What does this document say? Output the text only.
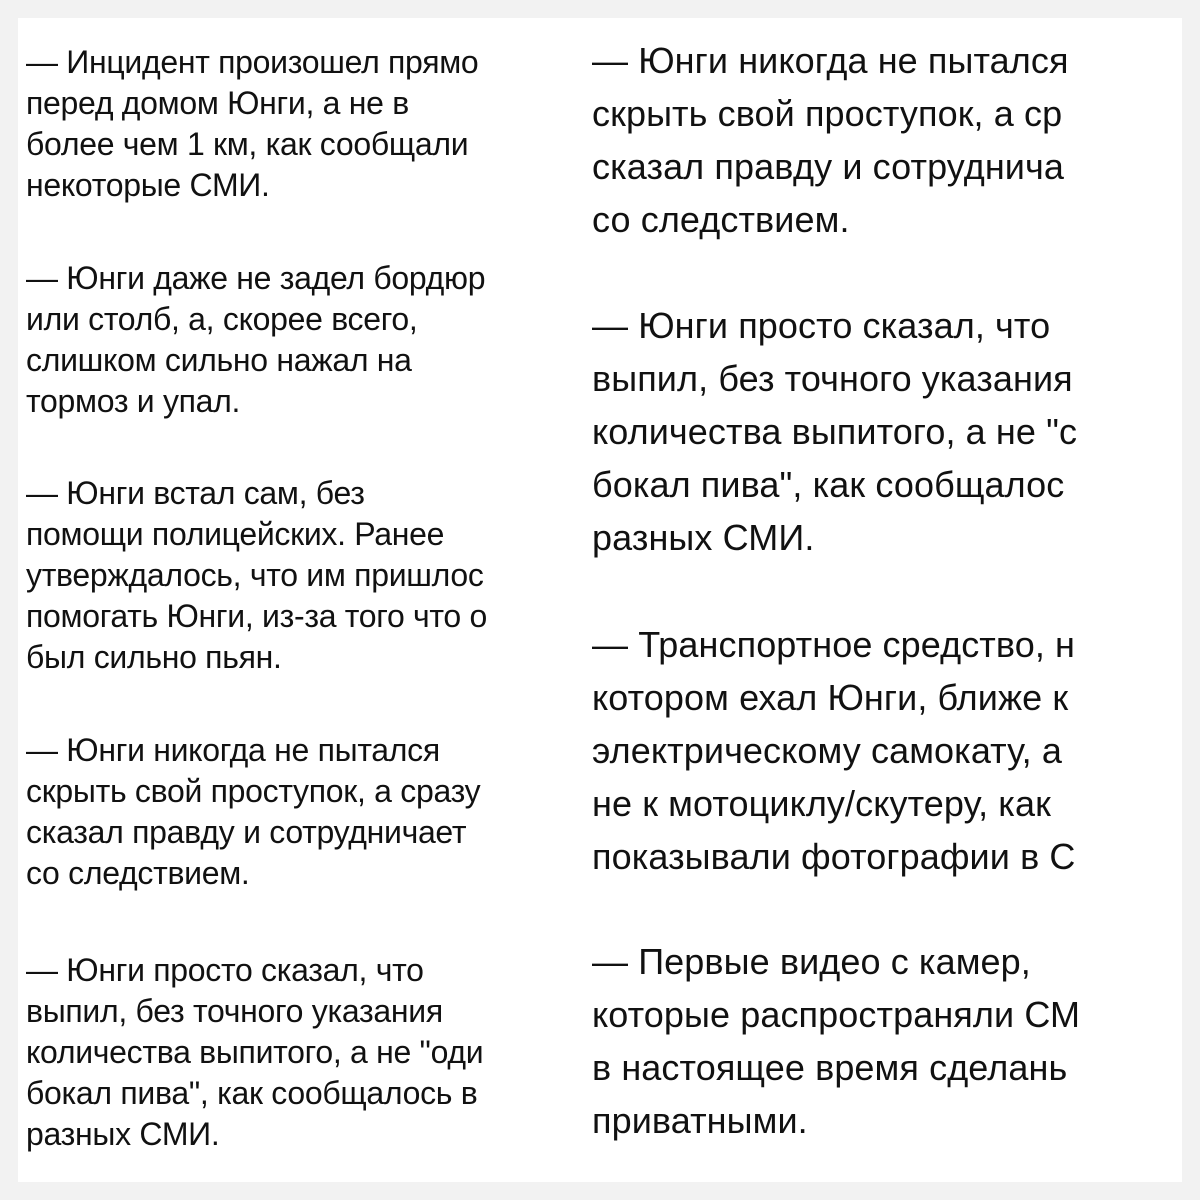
— Инцидент произошел прямо
перед домом Юнги, а не в
более чем 1 км, как сообщали
некоторые СМИ.

— Юнги даже не задел бордюр
или столб, а, скорее всего,
слишком сильно нажал на
тормоз и упал.

— Юнги встал сам, без
помощи полицейских. Ранее
утверждалось, что им пришлос
помогать Юнги, из-за того что о
был сильно пьян.

— Юнги никогда не пытался
скрыть свой проступок, а сразу
сказал правду и сотрудничает
со следствием.

— Юнги просто сказал, что
выпил, без точного указания
количества выпитого, а не "оди
бокал пива", как сообщалось в
разных СМИ.

— Юнги никогда не пытался
скрыть свой проступок, а ср
сказал правду и сотруднича
со следствием.

— Юнги просто сказал, что
выпил, без точного указания
количества выпитого, а не "с
бокал пива", как сообщалос
разных СМИ.

— Транспортное средство, н
котором ехал Юнги, ближе к
электрическому самокату, а
не к мотоциклу/скутеру, как
показывали фотографии в С

— Первые видео с камер,
которые распространяли СМ
в настоящее время сделань
приватными.
